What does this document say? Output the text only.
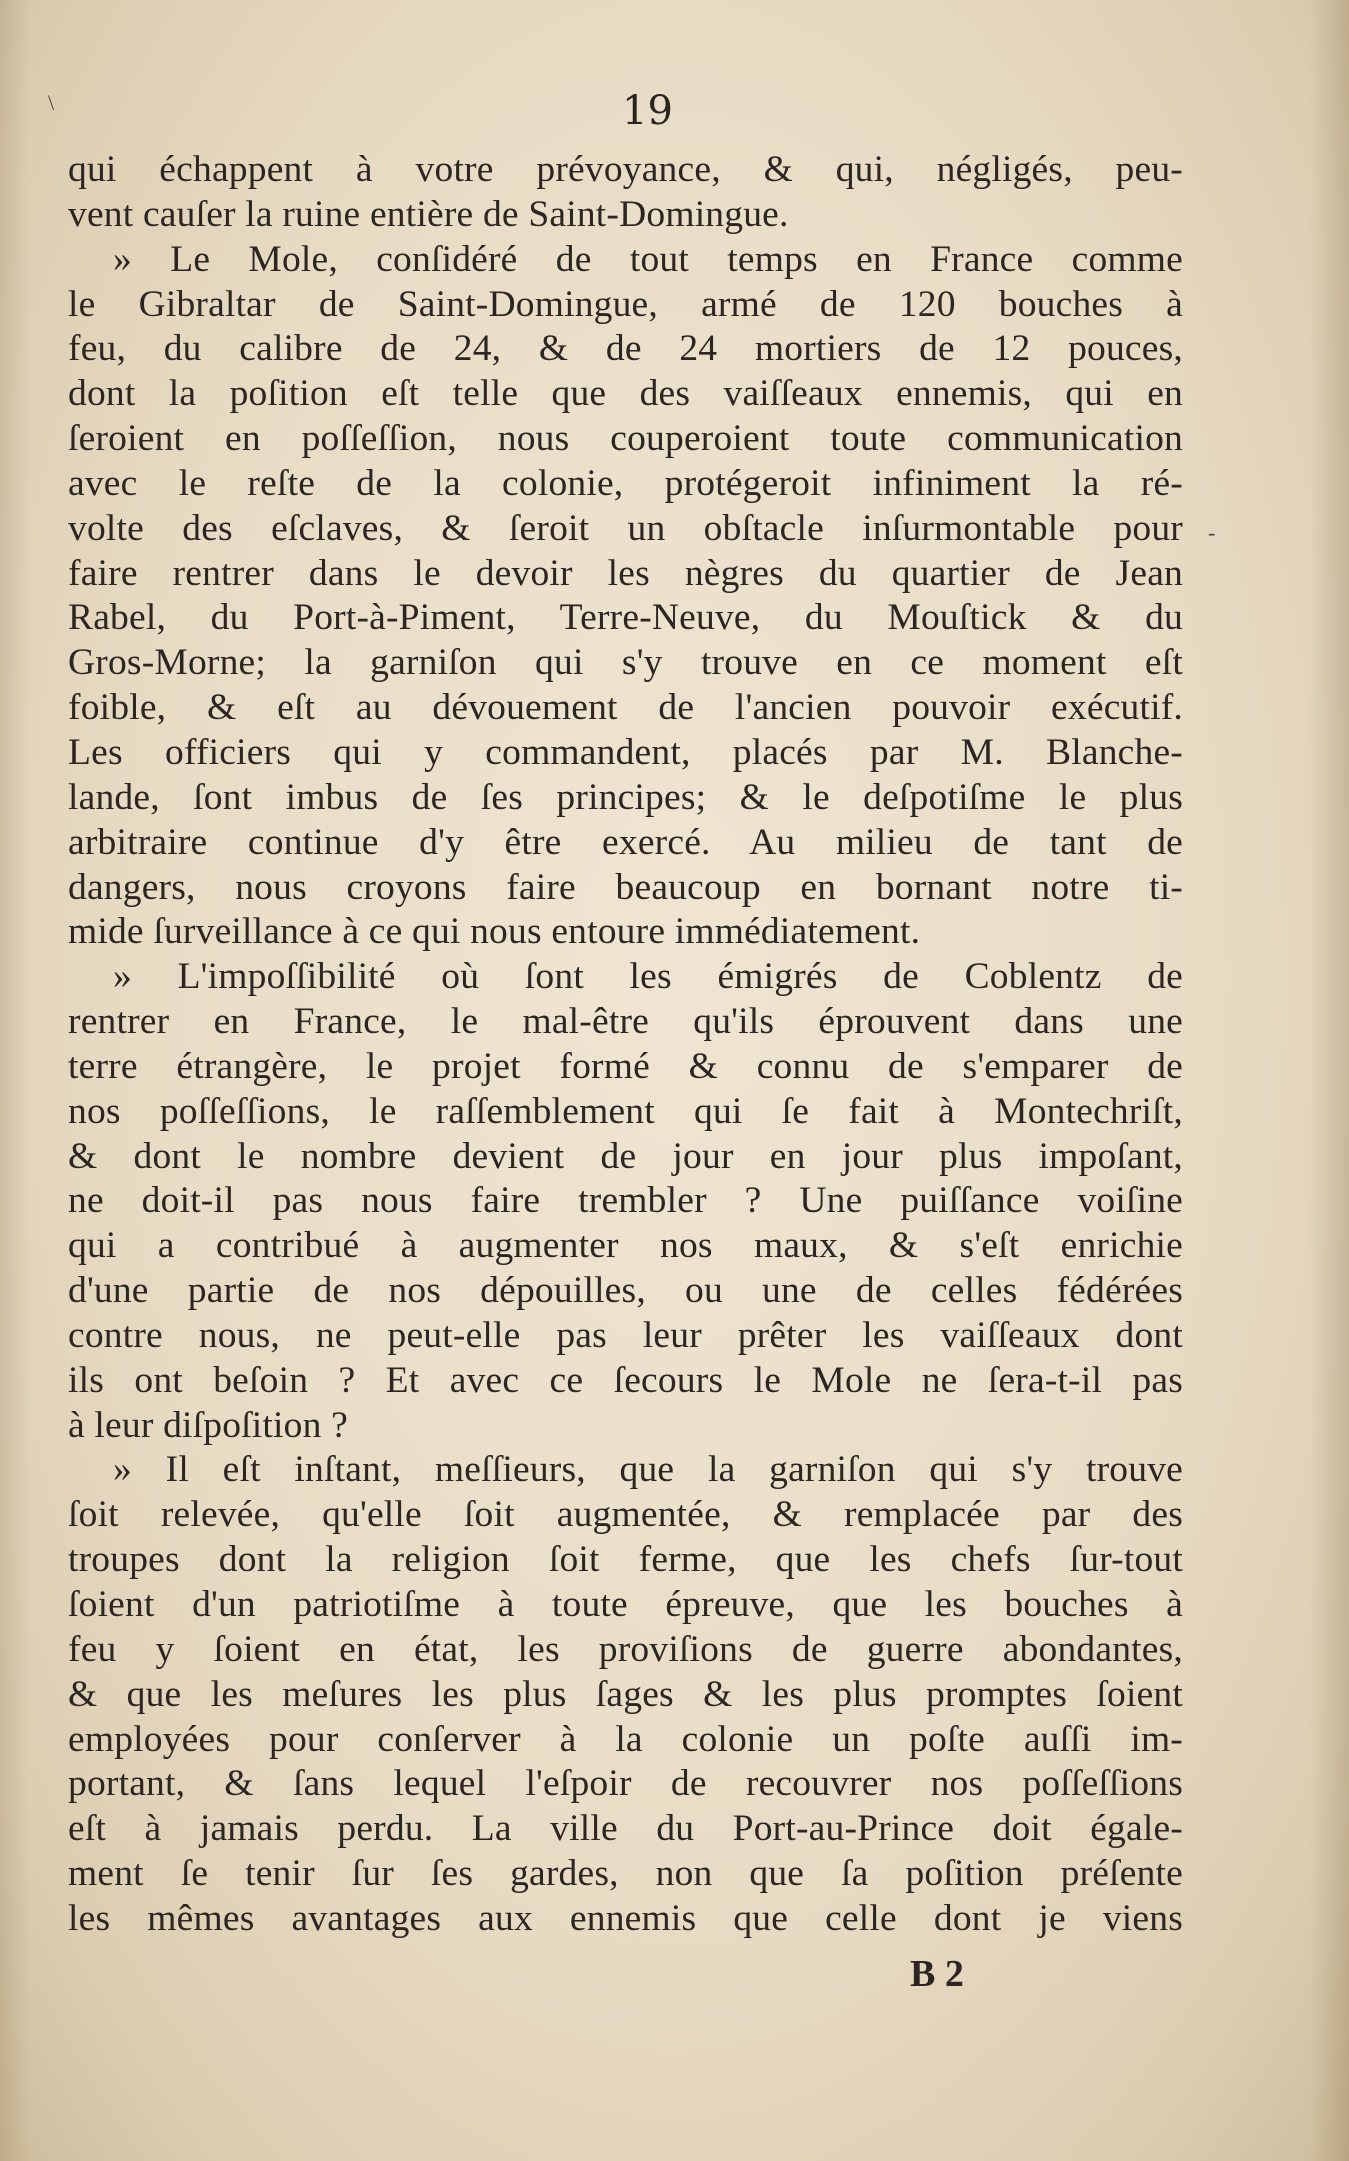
19
qui échappent à votre prévoyance, & qui, négligés, peu-
vent cauſer la ruine entière de Saint-Domingue.
» Le Mole, conſidéré de tout temps en France comme
le Gibraltar de Saint-Domingue, armé de 120 bouches à
feu, du calibre de 24, & de 24 mortiers de 12 pouces,
dont la poſition eſt telle que des vaiſſeaux ennemis, qui en
ſeroient en poſſeſſion, nous couperoient toute communication
avec le reſte de la colonie, protégeroit infiniment la ré-
volte des eſclaves, & ſeroit un obſtacle inſurmontable pour
faire rentrer dans le devoir les nègres du quartier de Jean
Rabel, du Port-à-Piment, Terre-Neuve, du Mouſtick & du
Gros-Morne; la garniſon qui s'y trouve en ce moment eſt
foible, & eſt au dévouement de l'ancien pouvoir exécutif.
Les officiers qui y commandent, placés par M. Blanche-
lande, ſont imbus de ſes principes; & le deſpotiſme le plus
arbitraire continue d'y être exercé. Au milieu de tant de
dangers, nous croyons faire beaucoup en bornant notre ti-
mide ſurveillance à ce qui nous entoure immédiatement.
» L'impoſſibilité où ſont les émigrés de Coblentz de
rentrer en France, le mal-être qu'ils éprouvent dans une
terre étrangère, le projet formé & connu de s'emparer de
nos poſſeſſions, le raſſemblement qui ſe fait à Montechriſt,
& dont le nombre devient de jour en jour plus impoſant,
ne doit-il pas nous faire trembler ? Une puiſſance voiſine
qui a contribué à augmenter nos maux, & s'eſt enrichie
d'une partie de nos dépouilles, ou une de celles fédérées
contre nous, ne peut-elle pas leur prêter les vaiſſeaux dont
ils ont beſoin ? Et avec ce ſecours le Mole ne ſera-t-il pas
à leur diſpoſition ?
» Il eſt inſtant, meſſieurs, que la garniſon qui s'y trouve
ſoit relevée, qu'elle ſoit augmentée, & remplacée par des
troupes dont la religion ſoit ferme, que les chefs ſur-tout
ſoient d'un patriotiſme à toute épreuve, que les bouches à
feu y ſoient en état, les proviſions de guerre abondantes,
& que les meſures les plus ſages & les plus promptes ſoient
employées pour conſerver à la colonie un poſte auſſi im-
portant, & ſans lequel l'eſpoir de recouvrer nos poſſeſſions
eſt à jamais perdu. La ville du Port-au-Prince doit égale-
ment ſe tenir ſur ſes gardes, non que ſa poſition préſente
les mêmes avantages aux ennemis que celle dont je viens
B 2
\
-
